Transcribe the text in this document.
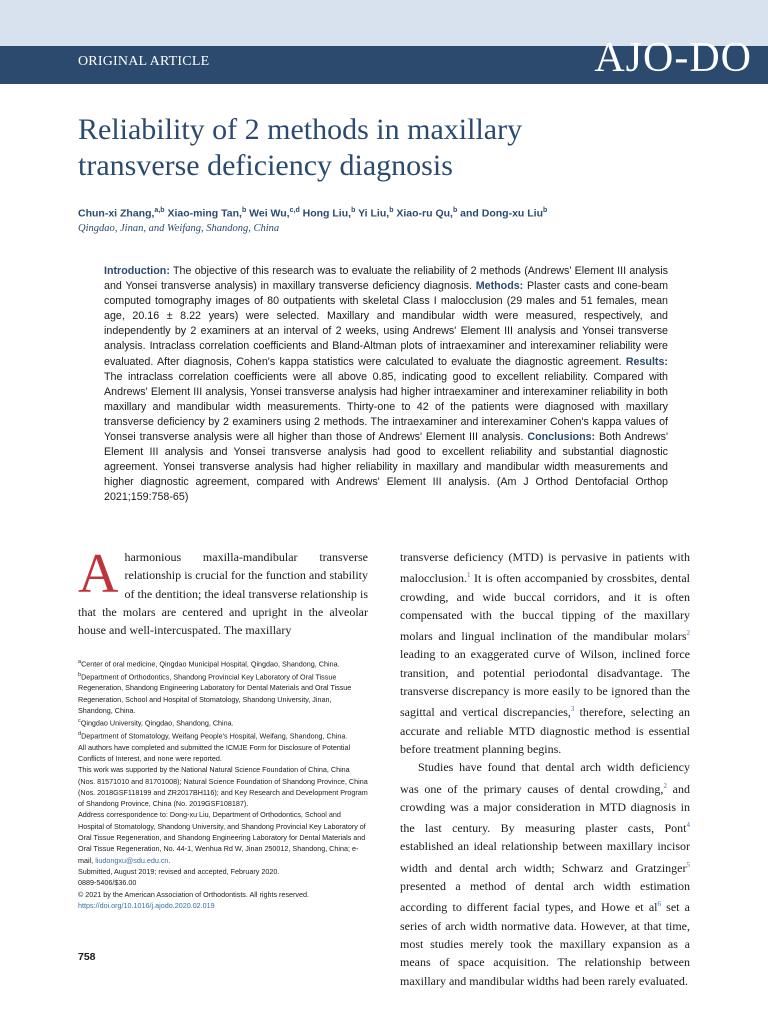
ORIGINAL ARTICLE	AJO-DO
Reliability of 2 methods in maxillary
transverse deficiency diagnosis
Chun-xi Zhang,$^{a,b}$ Xiao-ming Tan,$^b$ Wei Wu,$^{c,d}$ Hong Liu,$^b$ Yi Liu,$^b$ Xiao-ru Qu,$^b$ and Dong-xu Liu$^b$
Qingdao, Jinan, and Weifang, Shandong, China
Introduction: The objective of this research was to evaluate the reliability of 2 methods (Andrews' Element III analysis and Yonsei transverse analysis) in maxillary transverse deficiency diagnosis. Methods: Plaster casts and cone-beam computed tomography images of 80 outpatients with skeletal Class I malocclusion (29 males and 51 females, mean age, 20.16 ± 8.22 years) were selected. Maxillary and mandibular width were measured, respectively, and independently by 2 examiners at an interval of 2 weeks, using Andrews' Element III analysis and Yonsei transverse analysis. Intraclass correlation coefficients and Bland-Altman plots of intraexaminer and interexaminer reliability were evaluated. After diagnosis, Cohen's kappa statistics were calculated to evaluate the diagnostic agreement. Results: The intraclass correlation coefficients were all above 0.85, indicating good to excellent reliability. Compared with Andrews' Element III analysis, Yonsei transverse analysis had higher intraexaminer and interexaminer reliability in both maxillary and mandibular width measurements. Thirty-one to 42 of the patients were diagnosed with maxillary transverse deficiency by 2 examiners using 2 methods. The intraexaminer and interexaminer Cohen's kappa values of Yonsei transverse analysis were all higher than those of Andrews' Element III analysis. Conclusions: Both Andrews' Element III analysis and Yonsei transverse analysis had good to excellent reliability and substantial diagnostic agreement. Yonsei transverse analysis had higher reliability in maxillary and mandibular width measurements and higher diagnostic agreement, compared with Andrews' Element III analysis. (Am J Orthod Dentofacial Orthop 2021;159:758-65)
A harmonious maxilla-mandibular transverse relationship is crucial for the function and stability of the dentition; the ideal transverse relationship is that the molars are centered and upright in the alveolar house and well-intercuspated. The maxillary
$^a$Center of oral medicine, Qingdao Municipal Hospital, Qingdao, Shandong, China.
$^b$Department of Orthodontics, Shandong Provincial Key Laboratory of Oral Tissue Regeneration, Shandong Engineering Laboratory for Dental Materials and Oral Tissue Regeneration, School and Hospital of Stomatology, Shandong University, Jinan, Shandong, China.
$^c$Qingdao University, Qingdao, Shandong, China.
$^d$Department of Stomatology, Weifang People's Hospital, Weifang, Shandong, China.
All authors have completed and submitted the ICMJE Form for Disclosure of Potential Conflicts of Interest, and none were reported.
This work was supported by the National Natural Science Foundation of China, China (Nos. 81571010 and 81701008); Natural Science Foundation of Shandong Province, China (Nos. 2018GSF118199 and ZR2017BH116); and Key Research and Development Program of Shandong Province, China (No. 2019GSF108187).
Address correspondence to: Dong-xu Liu, Department of Orthodontics, School and Hospital of Stomatology, Shandong University, and Shandong Provincial Key Laboratory of Oral Tissue Regeneration, and Shandong Engineering Laboratory for Dental Materials and Oral Tissue Regeneration, No. 44-1, Wenhua Rd W, Jinan 250012, Shandong, China; e-mail, liudongxu@sdu.edu.cn.
Submitted, August 2019; revised and accepted, February 2020.
0889-5406/$36.00
© 2021 by the American Association of Orthodontists. All rights reserved.
https://doi.org/10.1016/j.ajodo.2020.02.019
758

transverse deficiency (MTD) is pervasive in patients with malocclusion.$^1$ It is often accompanied by crossbites, dental crowding, and wide buccal corridors, and it is often compensated with the buccal tipping of the maxillary molars and lingual inclination of the mandibular molars$^2$ leading to an exaggerated curve of Wilson, inclined force transition, and potential periodontal disadvantage. The transverse discrepancy is more easily to be ignored than the sagittal and vertical discrepancies,$^3$ therefore, selecting an accurate and reliable MTD diagnostic method is essential before treatment planning begins.

Studies have found that dental arch width deficiency was one of the primary causes of dental crowding,$^2$ and crowding was a major consideration in MTD diagnosis in the last century. By measuring plaster casts, Pont$^4$ established an ideal relationship between maxillary incisor width and dental arch width; Schwarz and Gratzinger$^5$ presented a method of dental arch width estimation according to different facial types, and Howe et al$^6$ set a series of arch width normative data. However, at that time, most studies merely took the maxillary expansion as a means of space acquisition. The relationship between maxillary and mandibular widths had been rarely evaluated.
